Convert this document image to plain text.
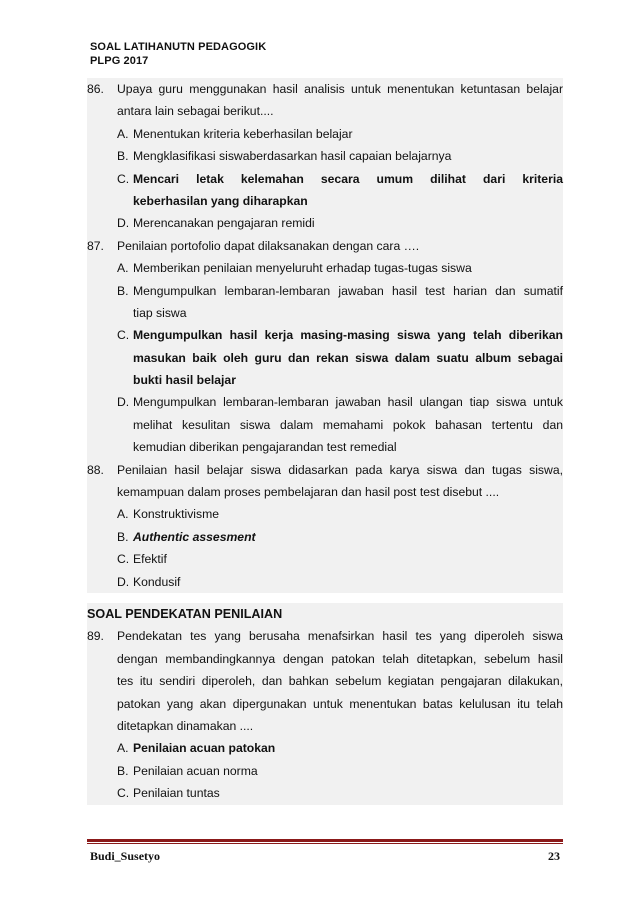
SOAL LATIHANUTN PEDAGOGIK
PLPG 2017
86. Upaya guru menggunakan hasil analisis untuk menentukan ketuntasan belajar
antara lain sebagai berikut....
A. Menentukan kriteria keberhasilan belajar
B. Mengklasifikasi siswaberdasarkan hasil capaian belajarnya
C. Mencari letak kelemahan secara umum dilihat dari kriteria
keberhasilan yang diharapkan
D. Merencanakan pengajaran remidi
87. Penilaian portofolio dapat dilaksanakan dengan cara ….
A. Memberikan penilaian menyeluruht erhadap tugas-tugas siswa
B. Mengumpulkan lembaran-lembaran jawaban hasil test harian dan sumatif
tiap siswa
C. Mengumpulkan hasil kerja masing-masing siswa yang telah diberikan
masukan baik oleh guru dan rekan siswa dalam suatu album sebagai
bukti hasil belajar
D. Mengumpulkan lembaran-lembaran jawaban hasil ulangan tiap siswa untuk
melihat kesulitan siswa dalam memahami pokok bahasan tertentu dan
kemudian diberikan pengajarandan test remedial
88. Penilaian hasil belajar siswa didasarkan pada karya siswa dan tugas siswa,
kemampuan dalam proses pembelajaran dan hasil post test disebut ....
A. Konstruktivisme
B. Authentic assesment
C. Efektif
D. Kondusif
SOAL PENDEKATAN PENILAIAN
89. Pendekatan tes yang berusaha menafsirkan hasil tes yang diperoleh siswa
dengan membandingkannya dengan patokan telah ditetapkan, sebelum hasil
tes itu sendiri diperoleh, dan bahkan sebelum kegiatan pengajaran dilakukan,
patokan yang akan dipergunakan untuk menentukan batas kelulusan itu telah
ditetapkan dinamakan ....
A. Penilaian acuan patokan
B. Penilaian acuan norma
C. Penilaian tuntas
Budi_Susetyo	23
